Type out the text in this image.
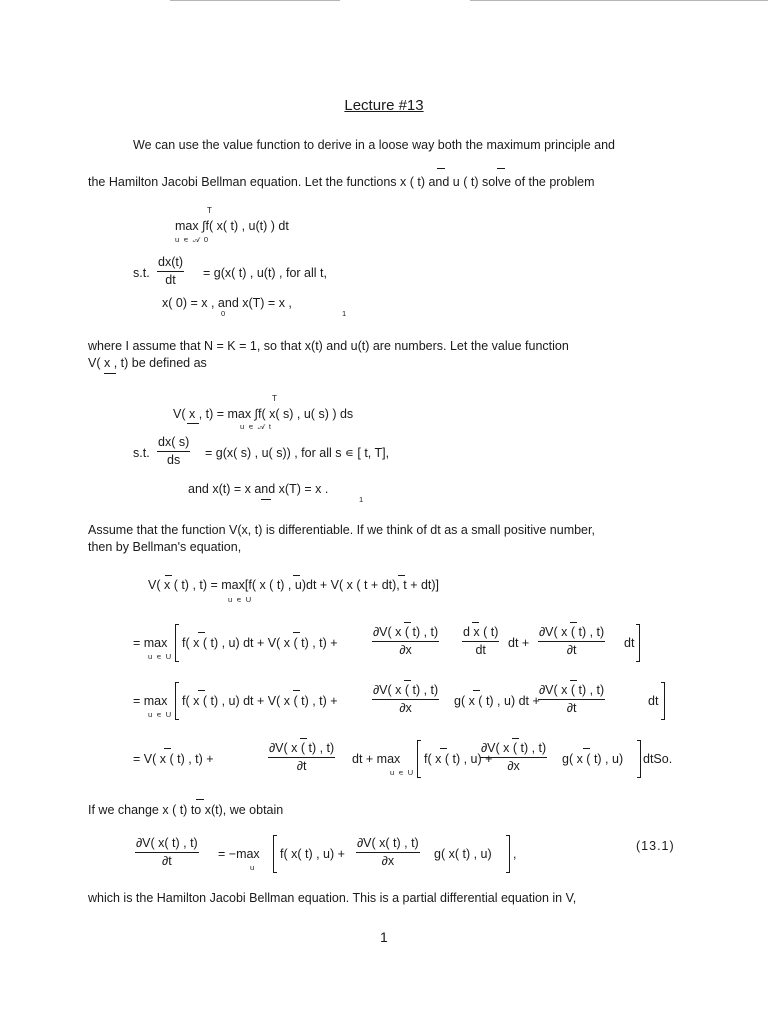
Lecture #13
We can use the value function to derive in a loose way both the maximum principle and
the Hamilton Jacobi Bellman equation. Let the functions x ( t) and u ( t) solve of the problem
T
max ∫f( x( t) , u(t) ) dt
u ∊ 𝒜 0
s.t. $\frac{dx(t)}{dt} = g(x$( t) , u(t) , for all t,
x( 0) = x , and x(T) = x ,
0	1
where I assume that N = K = 1, so that x(t) and u(t) are numbers. Let the value function
V( x , t) be defined as
T
V( x , t) = max ∫f( x( s) , u( s) ) ds
u ∊ 𝒜 t
s.t. $\frac{dx( s)}{ds} = g(x$( s) , u( s)) , for all s ∊ [ t, T],
and x(t) = x and x(T) = x .
1
Assume that the function V(x, t) is differentiable. If we think of dt as a small positive number,
then by Bellman's equation,
V( x ( t) , t) = max[f( x ( t) , u)dt + V( x ( t + dt), t + dt)]
u ∊ U
= max
u ∊ U
f( x ( t) , u) dt + V( x ( t) , t) +	$\frac{\partial V( x ( t) , t)}{\partial x} \frac{\text{d x ( t)}}{dt}$ dt + $\frac{\partial V( x ( t) , t)}{\partial t}$ dt
= max
u ∊ U
f( x ( t) , u) dt + V( x ( t) , t) +	$\frac{\partial V( x ( t) , t)}{\partial x} g$( x ( t) , u) dt +
$\frac{\partial V( x ( t) , t)}{\partial t}$	dt
= V( x ( t) , t) +	$\frac{\partial V( x ( t) , t)}{\partial t}$ dt + max
u ∊ U
f( x ( t) , u) +
$\frac{\partial V( x ( t) , t)}{\partial x} g$( x ( t) , u) dtSo.
If we change x ( t) to x(t), we obtain
$\frac{\partial V( x( t) , t)}{\partial t} = -\max$
u
f( x( t) , $u) + \frac{\partial V( x( t) , t)}{\partial x} g$( x( t) , u) ,
(13.1)
which is the Hamilton Jacobi Bellman equation. This is a partial differential equation in V,
1
